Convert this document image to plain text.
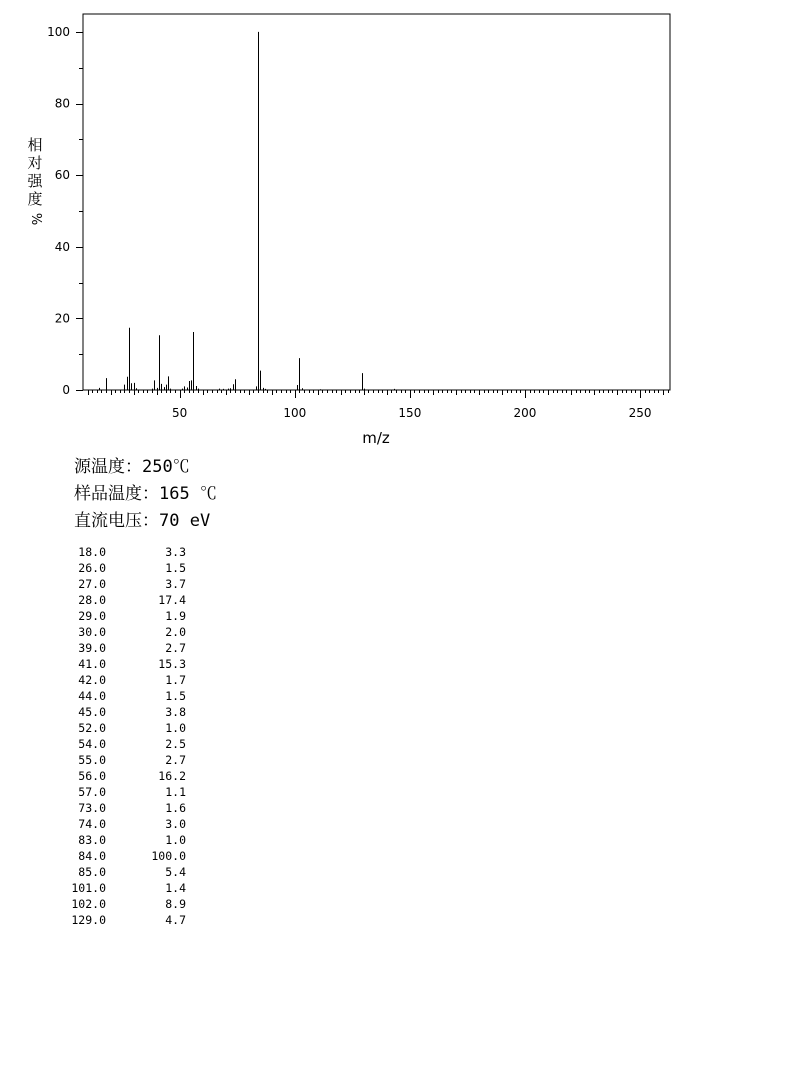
0
20
40
60
80
100
50	100	150	200	250
m/z
相
对
强
度
%
源温度：250℃
样品温度：165 ℃
直流电压：70 eV
18.0	3.3
26.0	1.5
27.0	3.7
28.0	17.4
29.0	1.9
30.0	2.0
39.0	2.7
41.0	15.3
42.0	1.7
44.0	1.5
45.0	3.8
52.0	1.0
54.0	2.5
55.0	2.7
56.0	16.2
57.0	1.1
73.0	1.6
74.0	3.0
83.0	1.0
84.0	100.0
85.0	5.4
101.0	1.4
102.0	8.9
129.0	4.7
